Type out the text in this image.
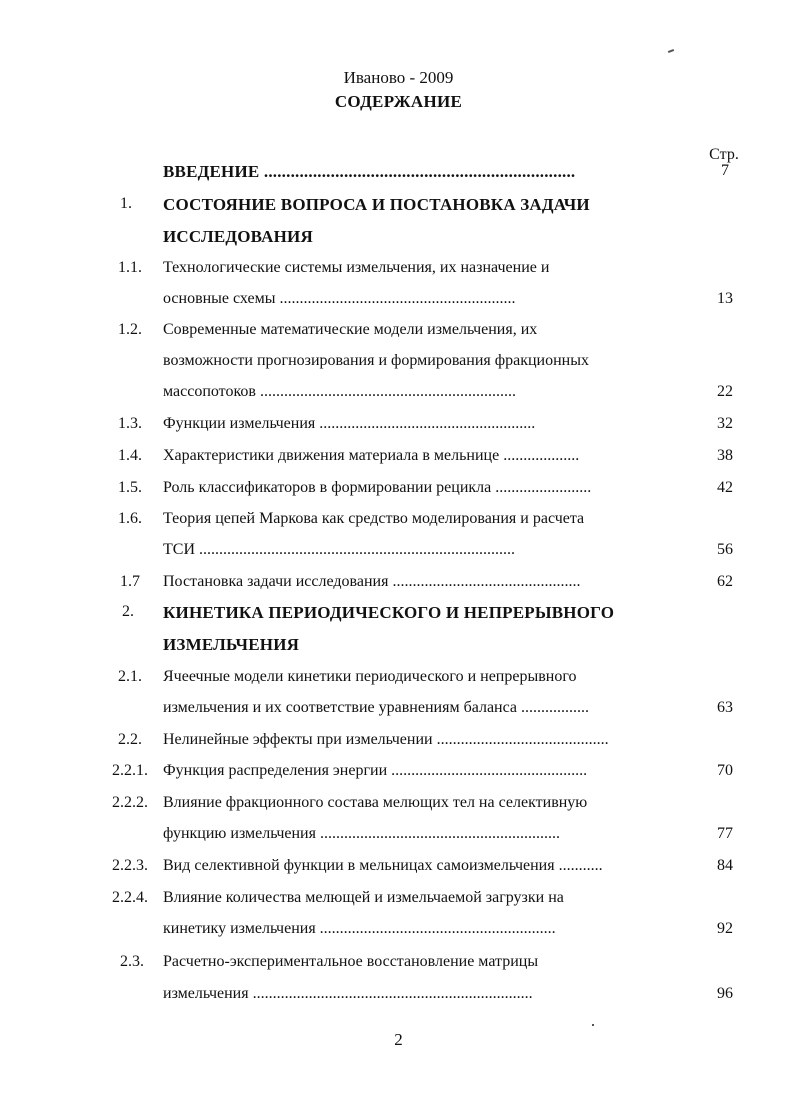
Иваново - 2009
СОДЕРЖАНИЕ
Стр.
ВВЕДЕНИЕ ......................................................................	7
1.	СОСТОЯНИЕ ВОПРОСА И ПОСТАНОВКА ЗАДАЧИ
ИССЛЕДОВАНИЯ
1.1.	Технологические системы измельчения, их назначение и
основные схемы ...........................................................	13
1.2.	Современные математические модели измельчения, их
возможности прогнозирования и формирования фракционных
массопотоков ................................................................	22
1.3.	Функции измельчения ......................................................	32
1.4.	Характеристики движения материала в мельнице ...................	38
1.5.	Роль классификаторов в формировании рецикла ........................	42
1.6.	Теория цепей Маркова как средство моделирования и расчета
ТСИ ...............................................................................	56
1.7	Постановка задачи исследования ...............................................	62
2.	КИНЕТИКА ПЕРИОДИЧЕСКОГО И НЕПРЕРЫВНОГО
ИЗМЕЛЬЧЕНИЯ
2.1.	Ячеечные модели кинетики периодического и непрерывного
измельчения и их соответствие уравнениям баланса .................	63
2.2.	Нелинейные эффекты при измельчении ...........................................
2.2.1. Функция распределения энергии .................................................	70
2.2.2. Влияние фракционного состава мелющих тел на селективную
функцию измельчения ............................................................	77
2.2.3. Вид селективной функции в мельницах самоизмельчения ...........	84
2.2.4. Влияние количества мелющей и измельчаемой загрузки на
кинетику измельчения ...........................................................	92
2.3.	Расчетно-экспериментальное восстановление матрицы
измельчения ......................................................................	96
2
